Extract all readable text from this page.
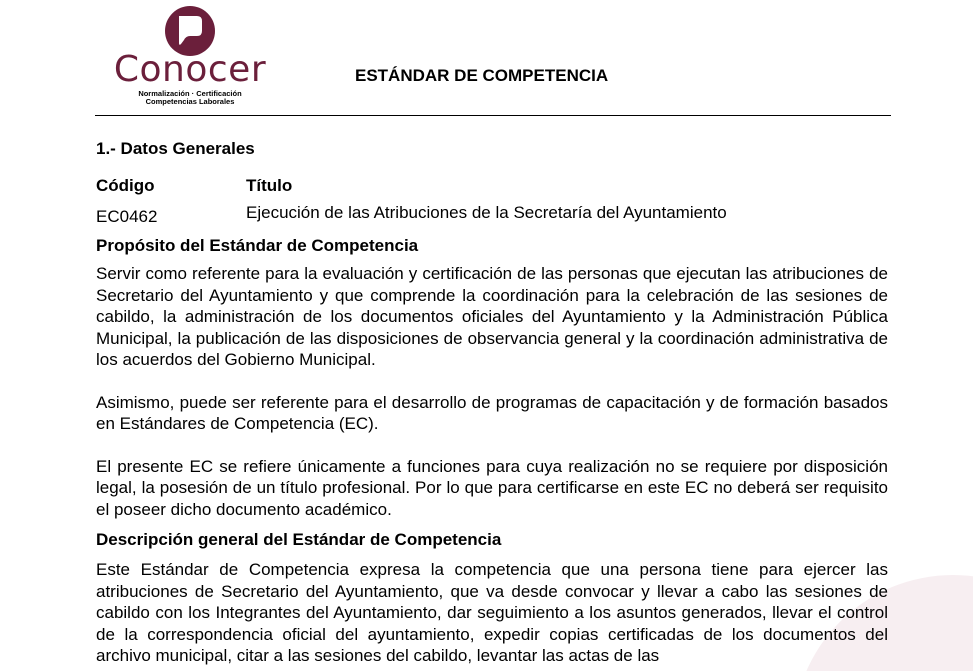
Conocer
Normalización · Certificación
Competencias Laborales
ESTÁNDAR DE COMPETENCIA
1.- Datos Generales
Código	Título
EC0462	Ejecución de las Atribuciones de la Secretaría del Ayuntamiento
Propósito del Estándar de Competencia

Servir como referente para la evaluación y certificación de las personas que ejecutan las atribuciones de Secretario del Ayuntamiento y que comprende la coordinación para la celebración de las sesiones de cabildo, la administración de los documentos oficiales del Ayuntamiento y la Administración Pública Municipal, la publicación de las disposiciones de observancia general y la coordinación administrativa de los acuerdos del Gobierno Municipal.

Asimismo, puede ser referente para el desarrollo de programas de capacitación y de formación basados en Estándares de Competencia (EC).

El presente EC se refiere únicamente a funciones para cuya realización no se requiere por disposición legal, la posesión de un título profesional. Por lo que para certificarse en este EC no deberá ser requisito el poseer dicho documento académico.

Descripción general del Estándar de Competencia

Este Estándar de Competencia expresa la competencia que una persona tiene para ejercer las atribuciones de Secretario del Ayuntamiento, que va desde convocar y llevar a cabo las sesiones de cabildo con los Integrantes del Ayuntamiento, dar seguimiento a los asuntos generados, llevar el control de la correspondencia oficial del ayuntamiento, expedir copias certificadas de los documentos del archivo municipal, citar a las sesiones del cabildo, levantar las actas de las
